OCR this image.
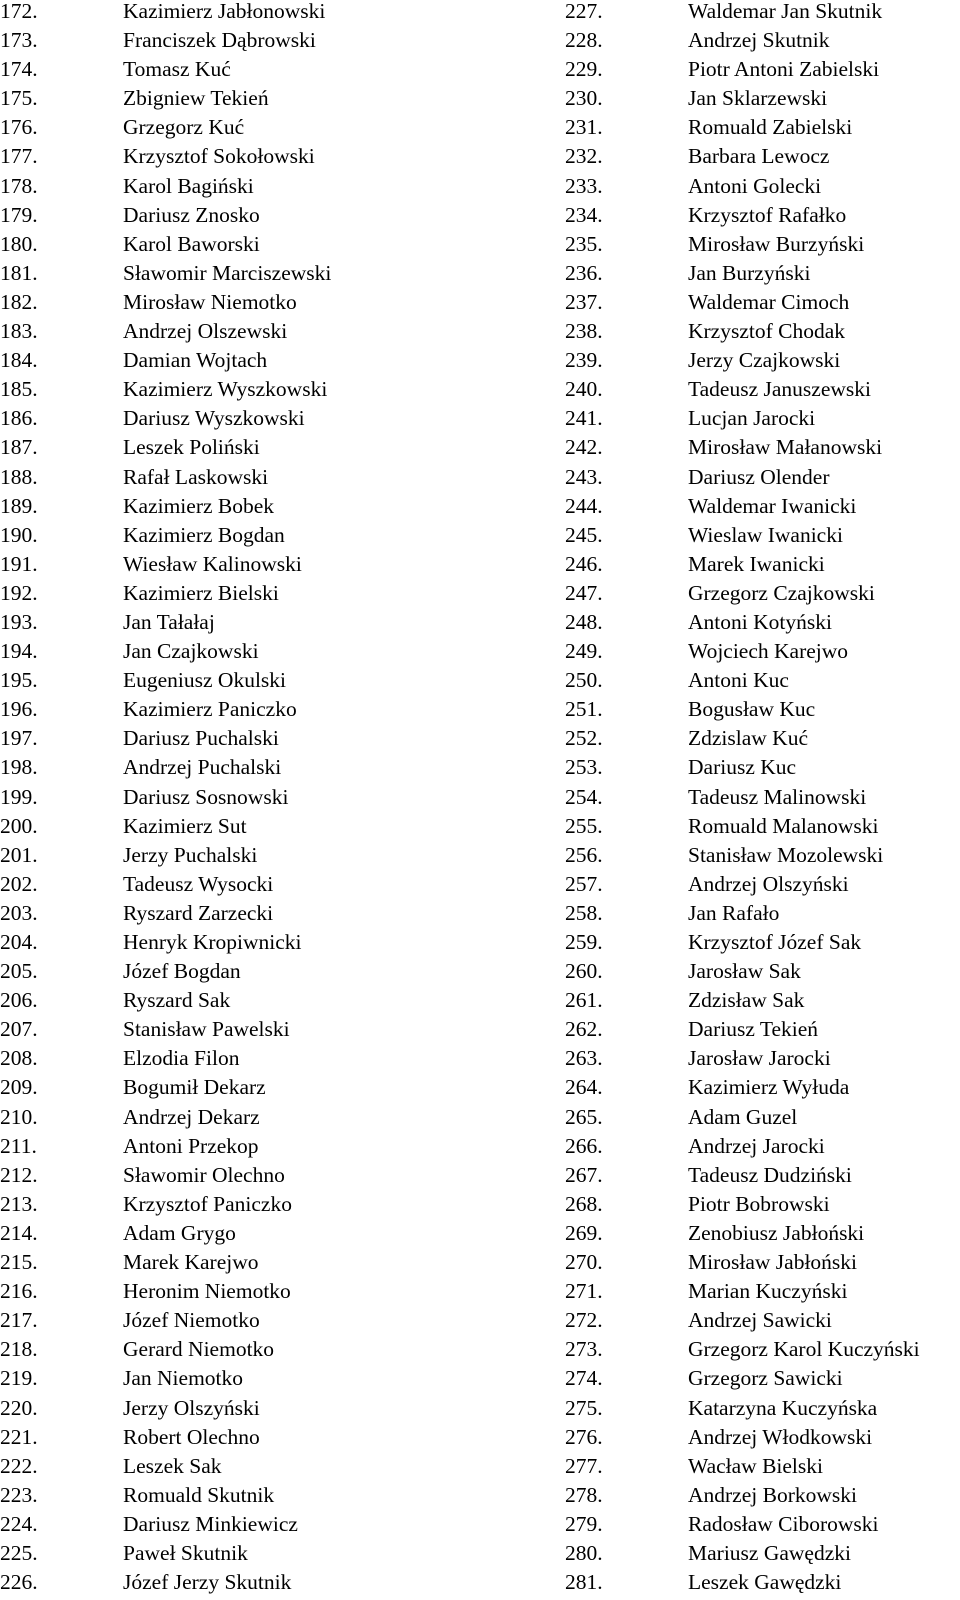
172.	Kazimierz Jabłonowski
173.	Franciszek Dąbrowski
174.	Tomasz Kuć
175.	Zbigniew Tekień
176.	Grzegorz Kuć
177.	Krzysztof Sokołowski
178.	Karol Bagiński
179.	Dariusz Znosko
180.	Karol Baworski
181.	Sławomir Marciszewski
182.	Mirosław Niemotko
183.	Andrzej Olszewski
184.	Damian Wojtach
185.	Kazimierz Wyszkowski
186.	Dariusz Wyszkowski
187.	Leszek Poliński
188.	Rafał Laskowski
189.	Kazimierz Bobek
190.	Kazimierz Bogdan
191.	Wiesław Kalinowski
192.	Kazimierz Bielski
193.	Jan Tałałaj
194.	Jan Czajkowski
195.	Eugeniusz Okulski
196.	Kazimierz Paniczko
197.	Dariusz Puchalski
198.	Andrzej Puchalski
199.	Dariusz Sosnowski
200.	Kazimierz Sut
201.	Jerzy Puchalski
202.	Tadeusz Wysocki
203.	Ryszard Zarzecki
204.	Henryk Kropiwnicki
205.	Józef Bogdan
206.	Ryszard Sak
207.	Stanisław Pawelski
208.	Elzodia Filon
209.	Bogumił Dekarz
210.	Andrzej Dekarz
211.	Antoni Przekop
212.	Sławomir Olechno
213.	Krzysztof Paniczko
214.	Adam Grygo
215.	Marek Karejwo
216.	Heronim Niemotko
217.	Józef Niemotko
218.	Gerard Niemotko
219.	Jan Niemotko
220.	Jerzy Olszyński
221.	Robert Olechno
222.	Leszek Sak
223.	Romuald Skutnik
224.	Dariusz Minkiewicz
225.	Paweł Skutnik
226.	Józef Jerzy Skutnik
227.	Waldemar Jan Skutnik
228.	Andrzej Skutnik
229.	Piotr Antoni Zabielski
230.	Jan Sklarzewski
231.	Romuald Zabielski
232.	Barbara Lewocz
233.	Antoni Golecki
234.	Krzysztof Rafałko
235.	Mirosław Burzyński
236.	Jan Burzyński
237.	Waldemar Cimoch
238.	Krzysztof Chodak
239.	Jerzy Czajkowski
240.	Tadeusz Januszewski
241.	Lucjan Jarocki
242.	Mirosław Małanowski
243.	Dariusz Olender
244.	Waldemar Iwanicki
245.	Wieslaw Iwanicki
246.	Marek Iwanicki
247.	Grzegorz Czajkowski
248.	Antoni Kotyński
249.	Wojciech Karejwo
250.	Antoni Kuc
251.	Bogusław Kuc
252.	Zdzislaw Kuć
253.	Dariusz Kuc
254.	Tadeusz Malinowski
255.	Romuald Malanowski
256.	Stanisław Mozolewski
257.	Andrzej Olszyński
258.	Jan Rafało
259.	Krzysztof Józef Sak
260.	Jarosław Sak
261.	Zdzisław Sak
262.	Dariusz Tekień
263.	Jarosław Jarocki
264.	Kazimierz Wyłuda
265.	Adam Guzel
266.	Andrzej Jarocki
267.	Tadeusz Dudziński
268.	Piotr Bobrowski
269.	Zenobiusz Jabłoński
270.	Mirosław Jabłoński
271.	Marian Kuczyński
272.	Andrzej Sawicki
273.	Grzegorz Karol Kuczyński
274.	Grzegorz Sawicki
275.	Katarzyna Kuczyńska
276.	Andrzej Włodkowski
277.	Wacław Bielski
278.	Andrzej Borkowski
279.	Radosław Ciborowski
280.	Mariusz Gawędzki
281.	Leszek Gawędzki
